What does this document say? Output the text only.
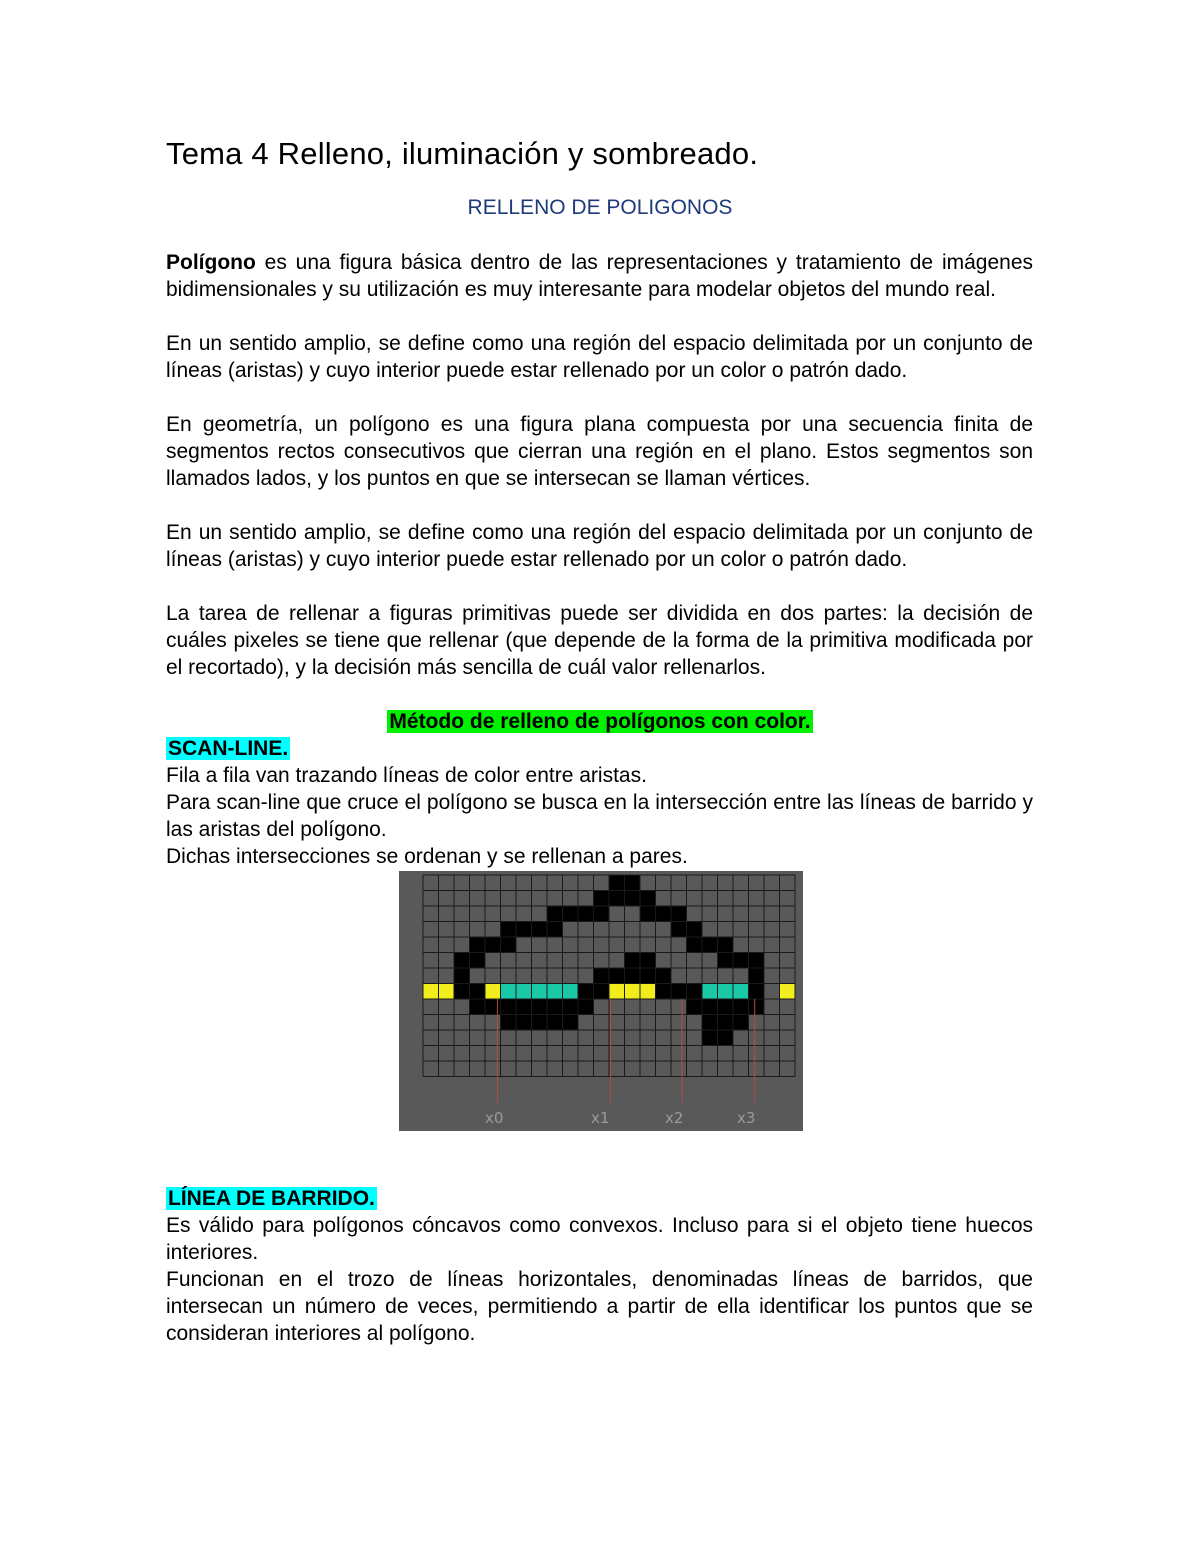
Tema 4 Relleno, iluminación y sombreado.

RELLENO DE POLIGONOS

Polígono es una figura básica dentro de las representaciones y tratamiento de imágenes bidimensionales y su utilización es muy interesante para modelar objetos del mundo real.

En un sentido amplio, se define como una región del espacio delimitada por un conjunto de líneas (aristas) y cuyo interior puede estar rellenado por un color o patrón dado.

En geometría, un polígono es una figura plana compuesta por una secuencia finita de segmentos rectos consecutivos que cierran una región en el plano. Estos segmentos son llamados lados, y los puntos en que se intersecan se llaman vértices.

En un sentido amplio, se define como una región del espacio delimitada por un conjunto de líneas (aristas) y cuyo interior puede estar rellenado por un color o patrón dado.

La tarea de rellenar a figuras primitivas puede ser dividida en dos partes: la decisión de cuáles pixeles se tiene que rellenar (que depende de la forma de la primitiva modificada por el recortado), y la decisión más sencilla de cuál valor rellenarlos.

Método de relleno de polígonos con color.

SCAN-LINE.

Fila a fila van trazando líneas de color entre aristas.

Para scan-line que cruce el polígono se busca en la intersección entre las líneas de barrido y las aristas del polígono.

Dichas intersecciones se ordenan y se rellenan a pares.

x0	x1	x2	x3

LÍNEA DE BARRIDO.

Es válido para polígonos cóncavos como convexos. Incluso para si el objeto tiene huecos interiores.

Funcionan en el trozo de líneas horizontales, denominadas líneas de barridos, que intersecan un número de veces, permitiendo a partir de ella identificar los puntos que se consideran interiores al polígono.
